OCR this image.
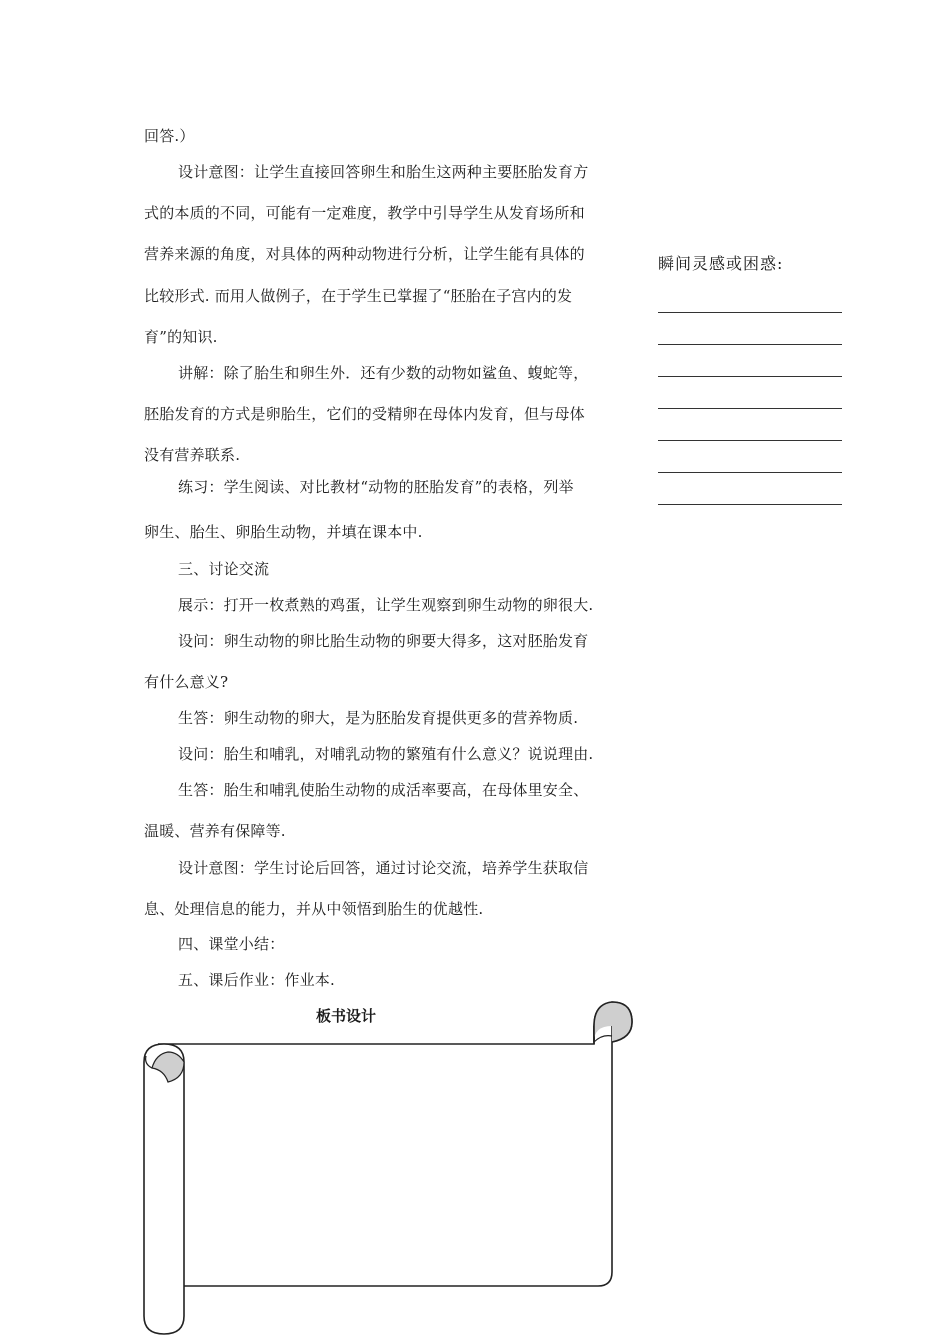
回答.）
设计意图：让学生直接回答卵生和胎生这两种主要胚胎发育方
式的本质的不同，可能有一定难度，教学中引导学生从发育场所和
营养来源的角度，对具体的两种动物进行分析，让学生能有具体的
比较形式. 而用人做例子，在于学生已掌握了“胚胎在子宫内的发
育”的知识.
讲解：除了胎生和卵生外．还有少数的动物如鲨鱼、蝮蛇等，
胚胎发育的方式是卵胎生，它们的受精卵在母体内发育，但与母体
没有营养联系.
练习：学生阅读、对比教材“动物的胚胎发育”的表格，列举
卵生、胎生、卵胎生动物，并填在课本中.
三、讨论交流
展示：打开一枚煮熟的鸡蛋，让学生观察到卵生动物的卵很大.
设问：卵生动物的卵比胎生动物的卵要大得多，这对胚胎发育
有什么意义?
生答：卵生动物的卵大，是为胚胎发育提供更多的营养物质.
设问：胎生和哺乳，对哺乳动物的繁殖有什么意义？说说理由.
生答：胎生和哺乳使胎生动物的成活率要高，在母体里安全、
温暖、营养有保障等.
设计意图：学生讨论后回答，通过讨论交流，培养学生获取信
息、处理信息的能力，并从中领悟到胎生的优越性.
四、课堂小结：
五、课后作业：作业本.

瞬间灵感或困惑:

板书设计
